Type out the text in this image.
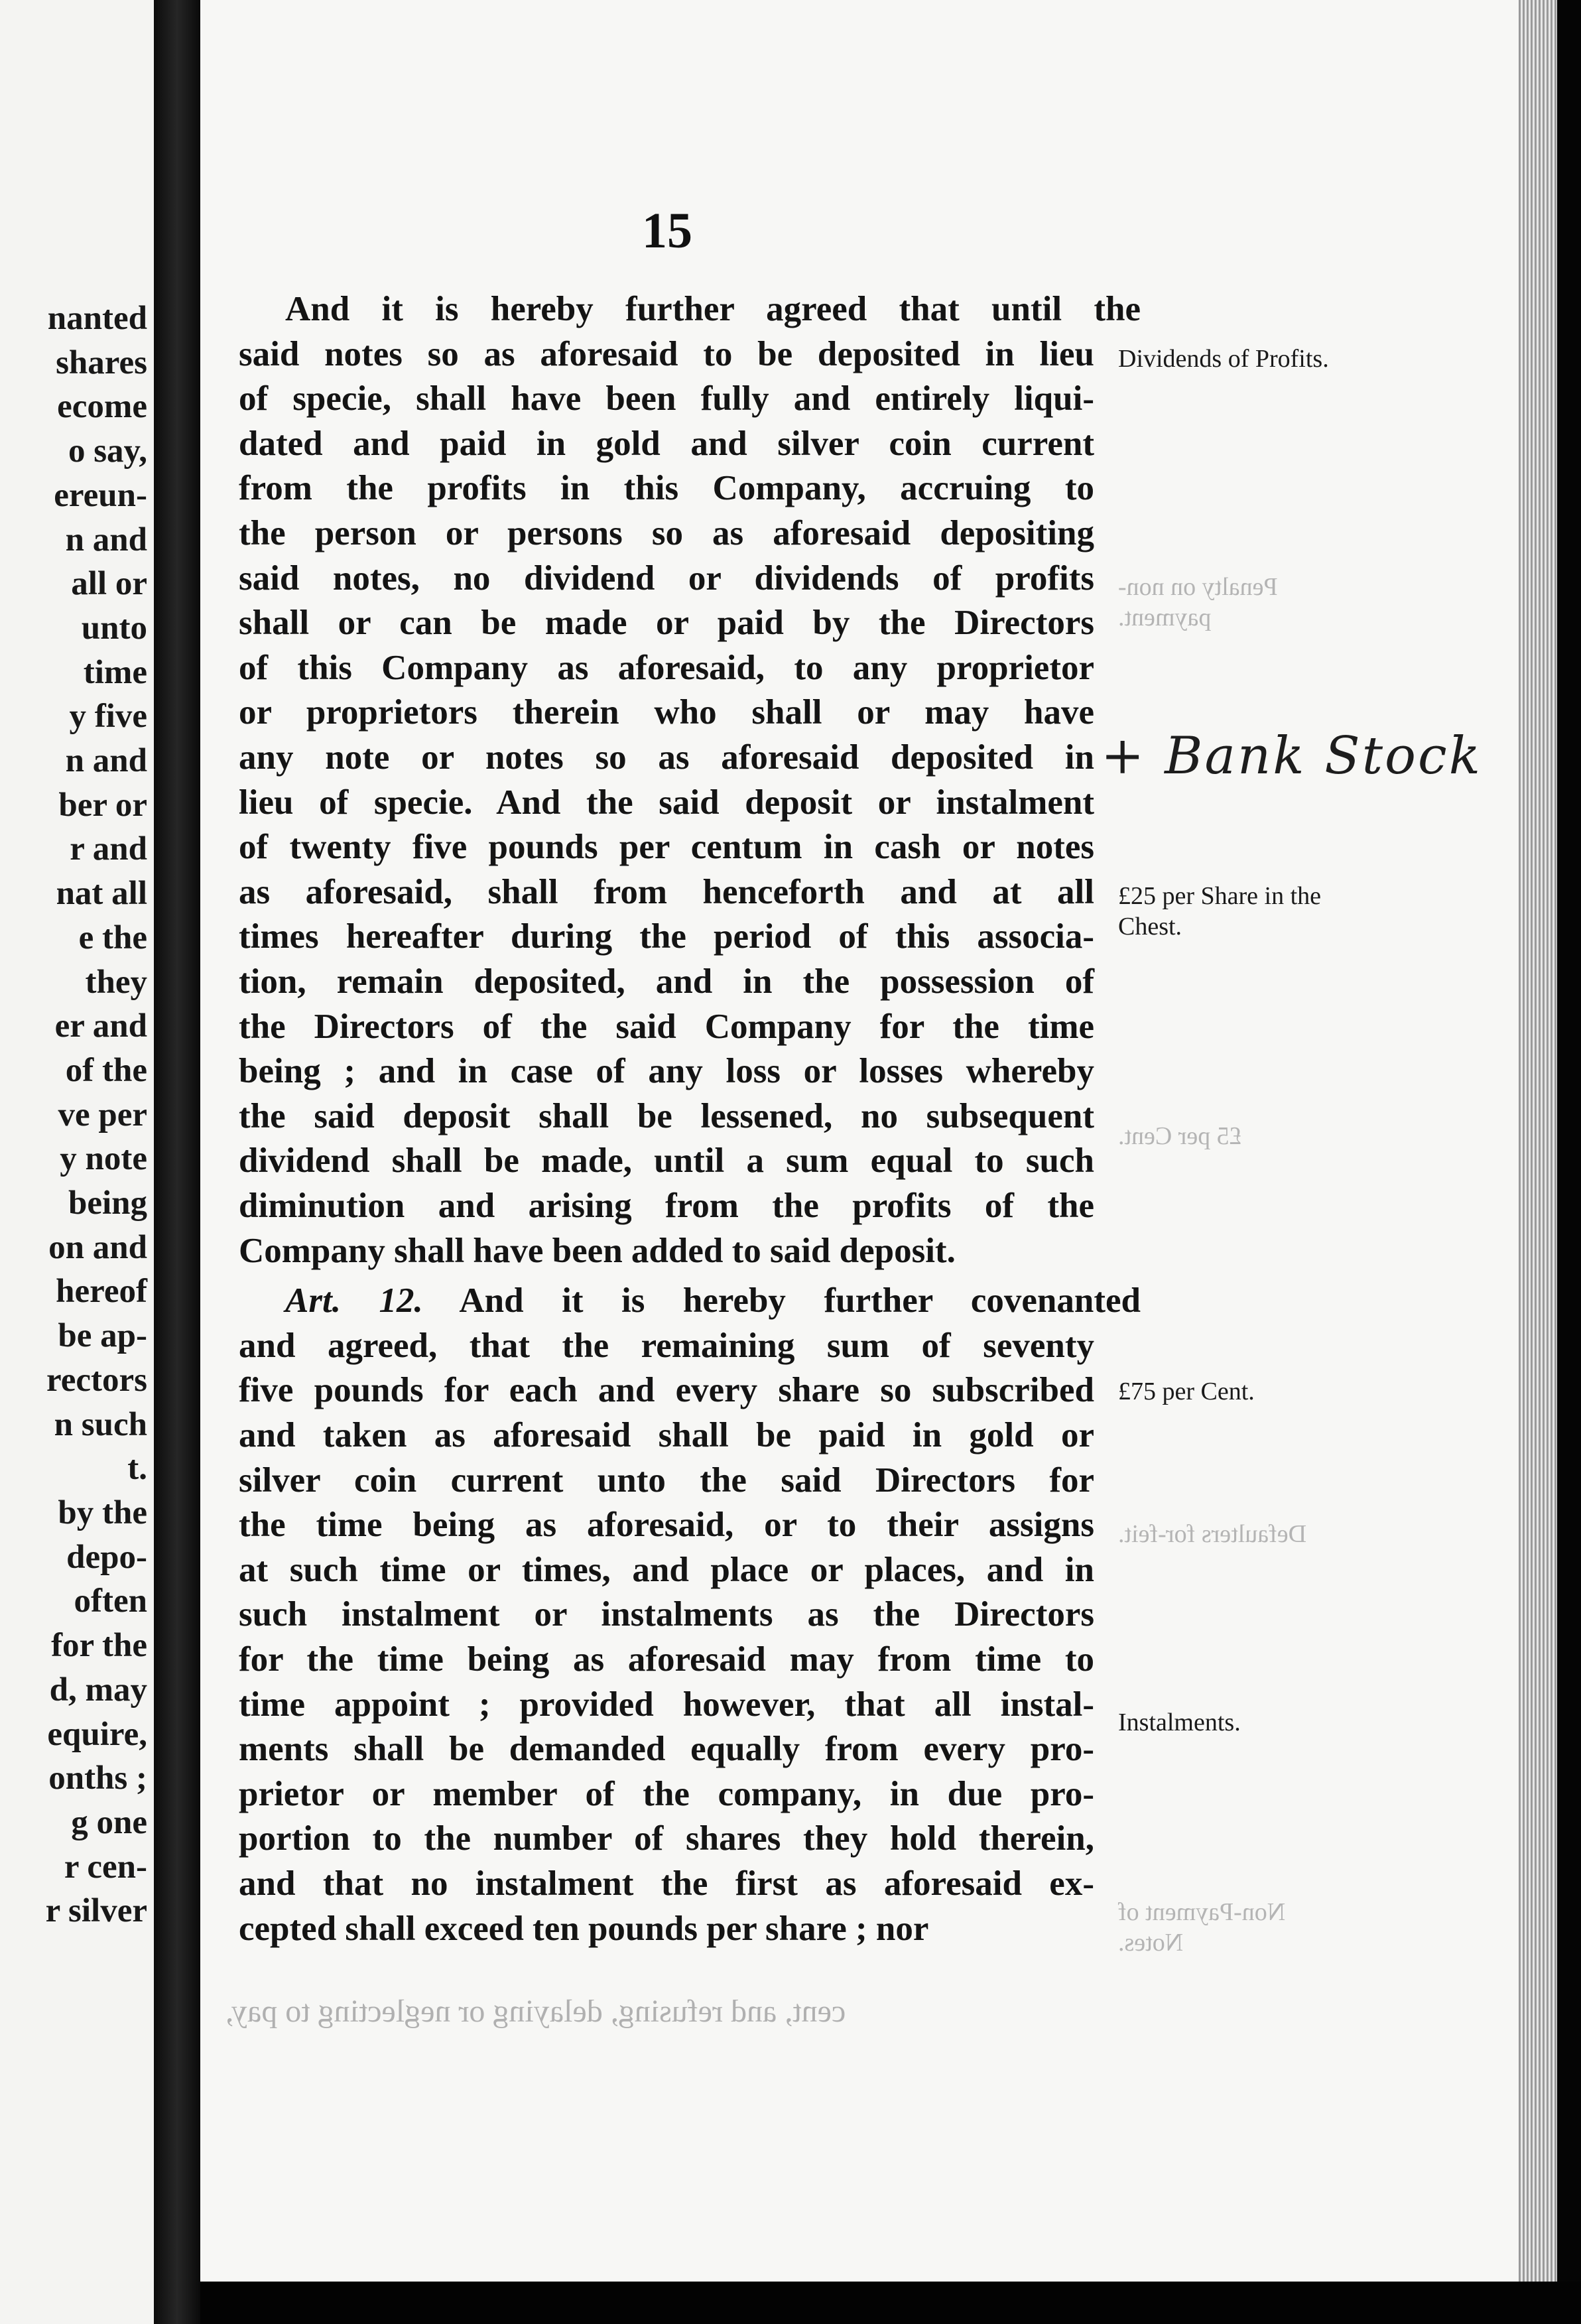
nanted
shares
ecome
o say,
ereun-
n and
all or
unto
time
y five
n and
ber or
r and
nat all
e the
they
er and
of the
ve per
y note
being
on and
hereof
be ap-
rectors
n such
t.
by the
depo-
often
for the
d, may
equire,
onths ;
g one
r cen-
r silver
15
And it is hereby further agreed that until the
said notes so as aforesaid to be deposited in lieu
of specie, shall have been fully and entirely liqui-
dated and paid in gold and silver coin current
from the profits in this Company, accruing to
the person or persons so as aforesaid depositing
said notes, no dividend or dividends of profits
shall or can be made or paid by the Directors
of this Company as aforesaid, to any proprietor
or proprietors therein who shall or may have
any note or notes so as aforesaid deposited in
lieu of specie. And the said deposit or instalment
of twenty five pounds per centum in cash or notes
as aforesaid, shall from henceforth and at all
times hereafter during the period of this associa-
tion, remain deposited, and in the possession of
the Directors of the said Company for the time
being ; and in case of any loss or losses whereby
the said deposit shall be lessened, no subsequent
dividend shall be made, until a sum equal to such
diminution and arising from the profits of the
Company shall have been added to said deposit.
Art. 12. And it is hereby further covenanted
and agreed, that the remaining sum of seventy
five pounds for each and every share so subscribed
and taken as aforesaid shall be paid in gold or
silver coin current unto the said Directors for
the time being as aforesaid, or to their assigns
at such time or times, and place or places, and in
such instalment or instalments as the Directors
for the time being as aforesaid may from time to
time appoint ; provided however, that all instal-
ments shall be demanded equally from every pro-
prietor or member of the company, in due pro-
portion to the number of shares they hold therein,
and that no instalment the first as aforesaid ex-
cepted shall exceed ten pounds per share ; nor

Dividends of Profits.

£25 per Share in the Chest.

£75 per Cent.

Instalments.

Penalty on non-payment.

£5 per Cent.

Defaulters for-feit.

Non-Payment of Notes.

+ Bank Stock
cent, and refusing, delaying or neglecting to pay,
